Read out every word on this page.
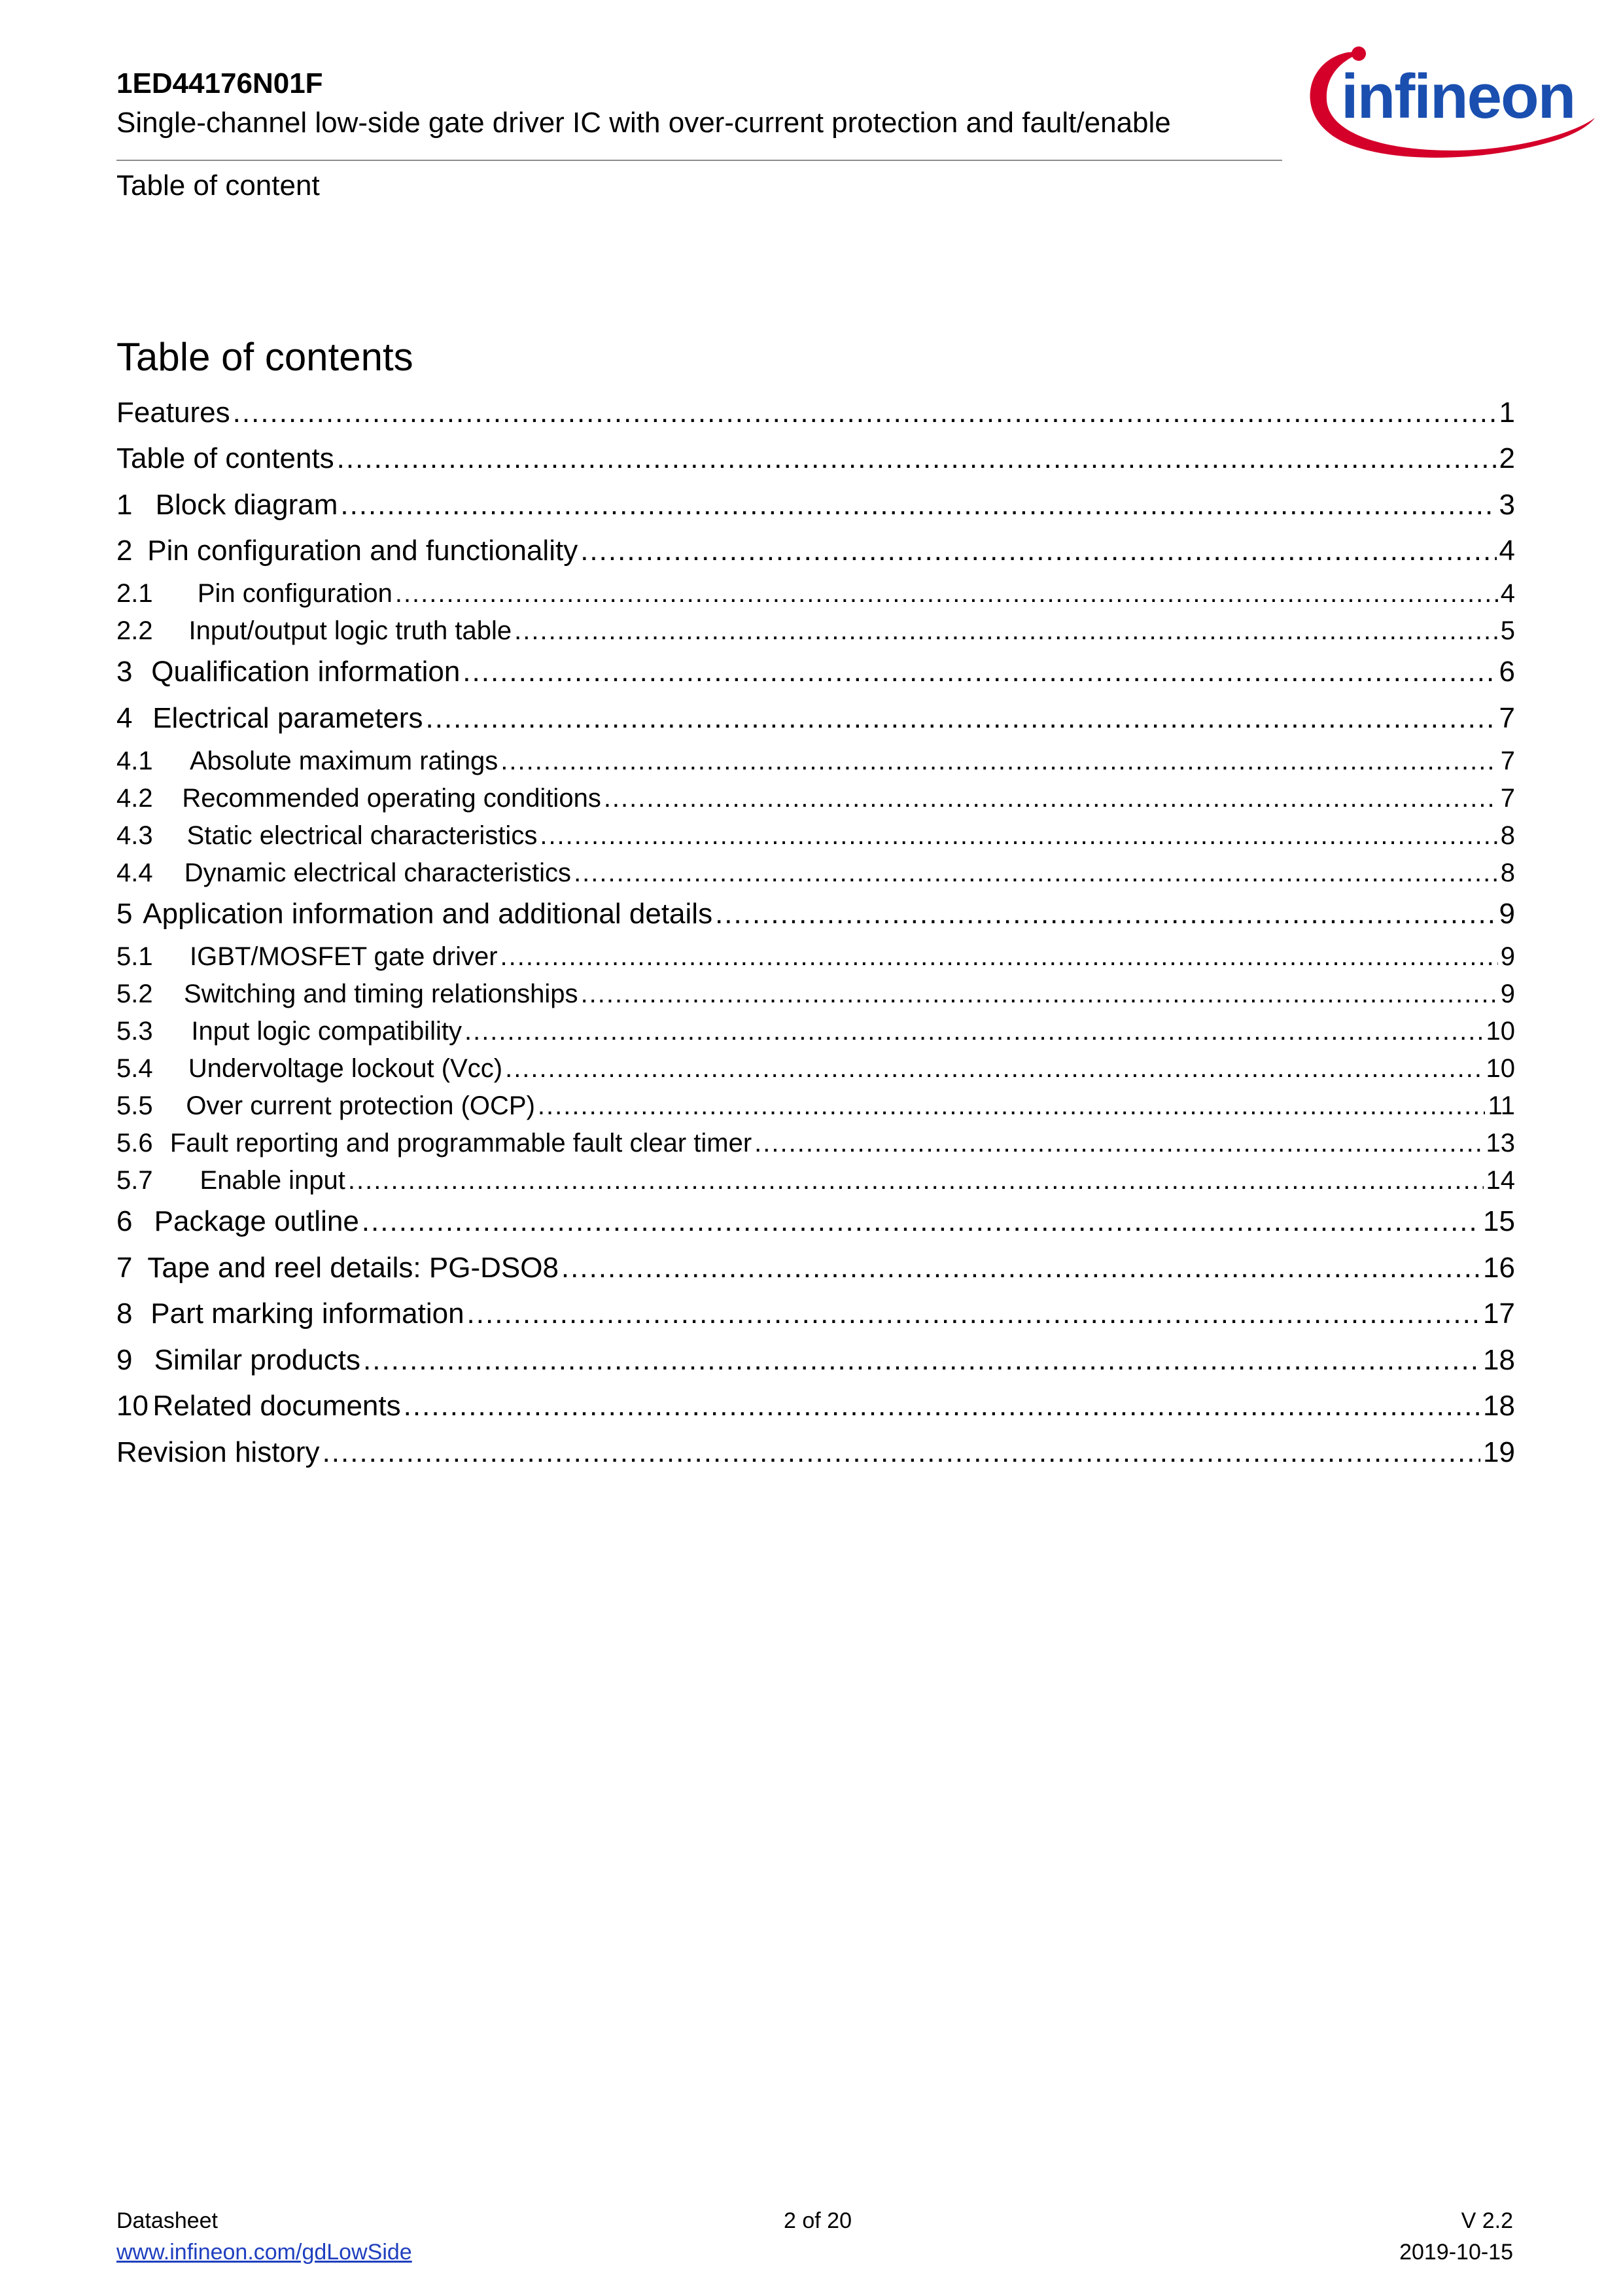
1ED44176N01F
Single-channel low-side gate driver IC with over-current protection and fault/enable
Table of content
infineon
Table of contents
Features .....	1
Table of contents .....	2
1 Block diagram .....	3
2 Pin configuration and functionality .....	4
2.1	Pin configuration .....	4
2.2	Input/output logic truth table .....	5
3 Qualification information .....	6
4 Electrical parameters .....	7
4.1	Absolute maximum ratings .....	7
4.2	Recommended operating conditions .....	7
4.3	Static electrical characteristics .....	8
4.4	Dynamic electrical characteristics .....	8
5 Application information and additional details .....	9
5.1	IGBT/MOSFET gate driver .....	9
5.2	Switching and timing relationships .....	9
5.3	Input logic compatibility .....	10
5.4	Undervoltage lockout (Vcc) .....	10
5.5	Over current protection (OCP) .....	11
5.6 Fault reporting and programmable fault clear timer .....	13
5.7	Enable input .....	14
6 Package outline .....	15
7 Tape and reel details: PG-DSO8 .....	16
8 Part marking information .....	17
9 Similar products .....	18
10 Related documents .....	18
Revision history .....	19
Datasheet
www.infineon.com/gdLowSide
2 of 20	V 2.2
2019-10-15
